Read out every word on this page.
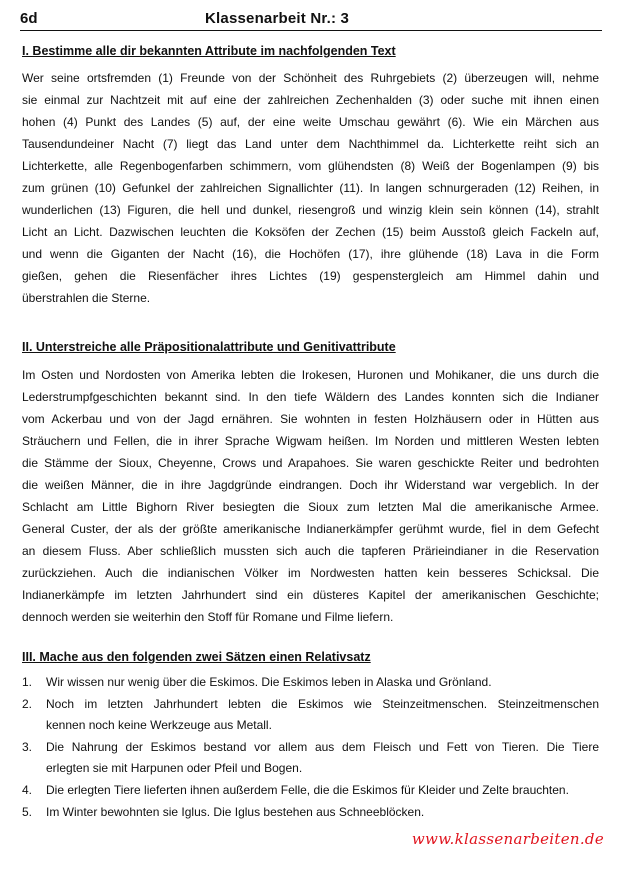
6d	Klassenarbeit Nr.: 3
I. Bestimme alle dir bekannten Attribute im nachfolgenden Text
Wer seine ortsfremden (1) Freunde von der Schönheit des Ruhrgebiets (2) überzeugen will, nehme
sie einmal zur Nachtzeit mit auf eine der zahlreichen Zechenhalden (3) oder suche mit ihnen einen
hohen (4) Punkt des Landes (5) auf, der eine weite Umschau gewährt (6). Wie ein Märchen aus
Tausendundeiner Nacht (7) liegt das Land unter dem Nachthimmel da. Lichterkette reiht sich an
Lichterkette, alle Regenbogenfarben schimmern, vom glühendsten (8) Weiß der Bogenlampen (9) bis
zum grünen (10) Gefunkel der zahlreichen Signallichter (11). In langen schnurgeraden (12) Reihen, in
wunderlichen (13) Figuren, die hell und dunkel, riesengroß und winzig klein sein können (14), strahlt
Licht an Licht. Dazwischen leuchten die Koksöfen der Zechen (15) beim Ausstoß gleich Fackeln auf,
und wenn die Giganten der Nacht (16), die Hochöfen (17), ihre glühende (18) Lava in die Form
gießen, gehen die Riesenfächer ihres Lichtes (19) gespenstergleich am Himmel dahin und
überstrahlen die Sterne.
II. Unterstreiche alle Präpositionalattribute und Genitivattribute
Im Osten und Nordosten von Amerika lebten die Irokesen, Huronen und Mohikaner, die uns durch die
Lederstrumpfgeschichten bekannt sind. In den tiefe Wäldern des Landes konnten sich die Indianer
vom Ackerbau und von der Jagd ernähren. Sie wohnten in festen Holzhäusern oder in Hütten aus
Sträuchern und Fellen, die in ihrer Sprache Wigwam heißen. Im Norden und mittleren Westen lebten
die Stämme der Sioux, Cheyenne, Crows und Arapahoes. Sie waren geschickte Reiter und bedrohten
die weißen Männer, die in ihre Jagdgründe eindrangen. Doch ihr Widerstand war vergeblich. In der
Schlacht am Little Bighorn River besiegten die Sioux zum letzten Mal die amerikanische Armee.
General Custer, der als der größte amerikanische Indianerkämpfer gerühmt wurde, fiel in dem Gefecht
an diesem Fluss. Aber schließlich mussten sich auch die tapferen Prärieindianer in die Reservation
zurückziehen. Auch die indianischen Völker im Nordwesten hatten kein besseres Schicksal. Die
Indianerkämpfe im letzten Jahrhundert sind ein düsteres Kapitel der amerikanischen Geschichte;
dennoch werden sie weiterhin den Stoff für Romane und Filme liefern.
III. Mache aus den folgenden zwei Sätzen einen Relativsatz
1. Wir wissen nur wenig über die Eskimos. Die Eskimos leben in Alaska und Grönland.
2. Noch im letzten Jahrhundert lebten die Eskimos wie Steinzeitmenschen. Steinzeitmenschen
kennen noch keine Werkzeuge aus Metall.
3. Die Nahrung der Eskimos bestand vor allem aus dem Fleisch und Fett von Tieren. Die Tiere
erlegten sie mit Harpunen oder Pfeil und Bogen.
4. Die erlegten Tiere lieferten ihnen außerdem Felle, die die Eskimos für Kleider und Zelte brauchten.
5. Im Winter bewohnten sie Iglus. Die Iglus bestehen aus Schneeblöcken.
www.klassenarbeiten.de
